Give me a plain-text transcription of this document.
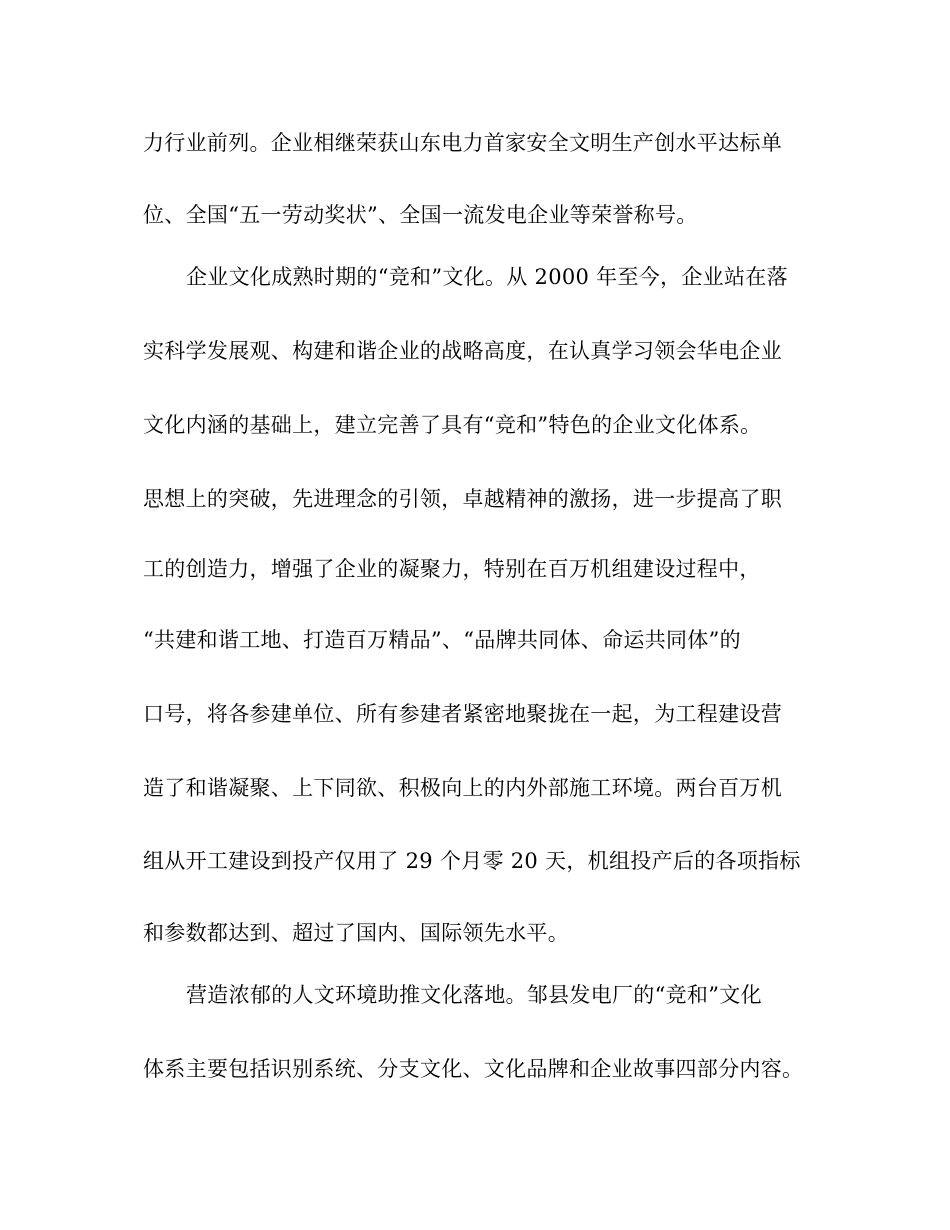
力行业前列。企业相继荣获山东电力首家安全文明生产创水平达标单
位、全国“五一劳动奖状”、全国一流发电企业等荣誉称号。
企业文化成熟时期的“竞和”文化。从 2000 年至今，企业站在落
实科学发展观、构建和谐企业的战略高度，在认真学习领会华电企业
文化内涵的基础上，建立完善了具有“竞和”特色的企业文化体系。
思想上的突破，先进理念的引领，卓越精神的激扬，进一步提高了职
工的创造力，增强了企业的凝聚力，特别在百万机组建设过程中，
“共建和谐工地、打造百万精品”、“品牌共同体、命运共同体”的
口号，将各参建单位、所有参建者紧密地聚拢在一起，为工程建设营
造了和谐凝聚、上下同欲、积极向上的内外部施工环境。两台百万机
组从开工建设到投产仅用了 29 个月零 20 天，机组投产后的各项指标
和参数都达到、超过了国内、国际领先水平。
营造浓郁的人文环境助推文化落地。邹县发电厂的“竞和”文化
体系主要包括识别系统、分支文化、文化品牌和企业故事四部分内容。
